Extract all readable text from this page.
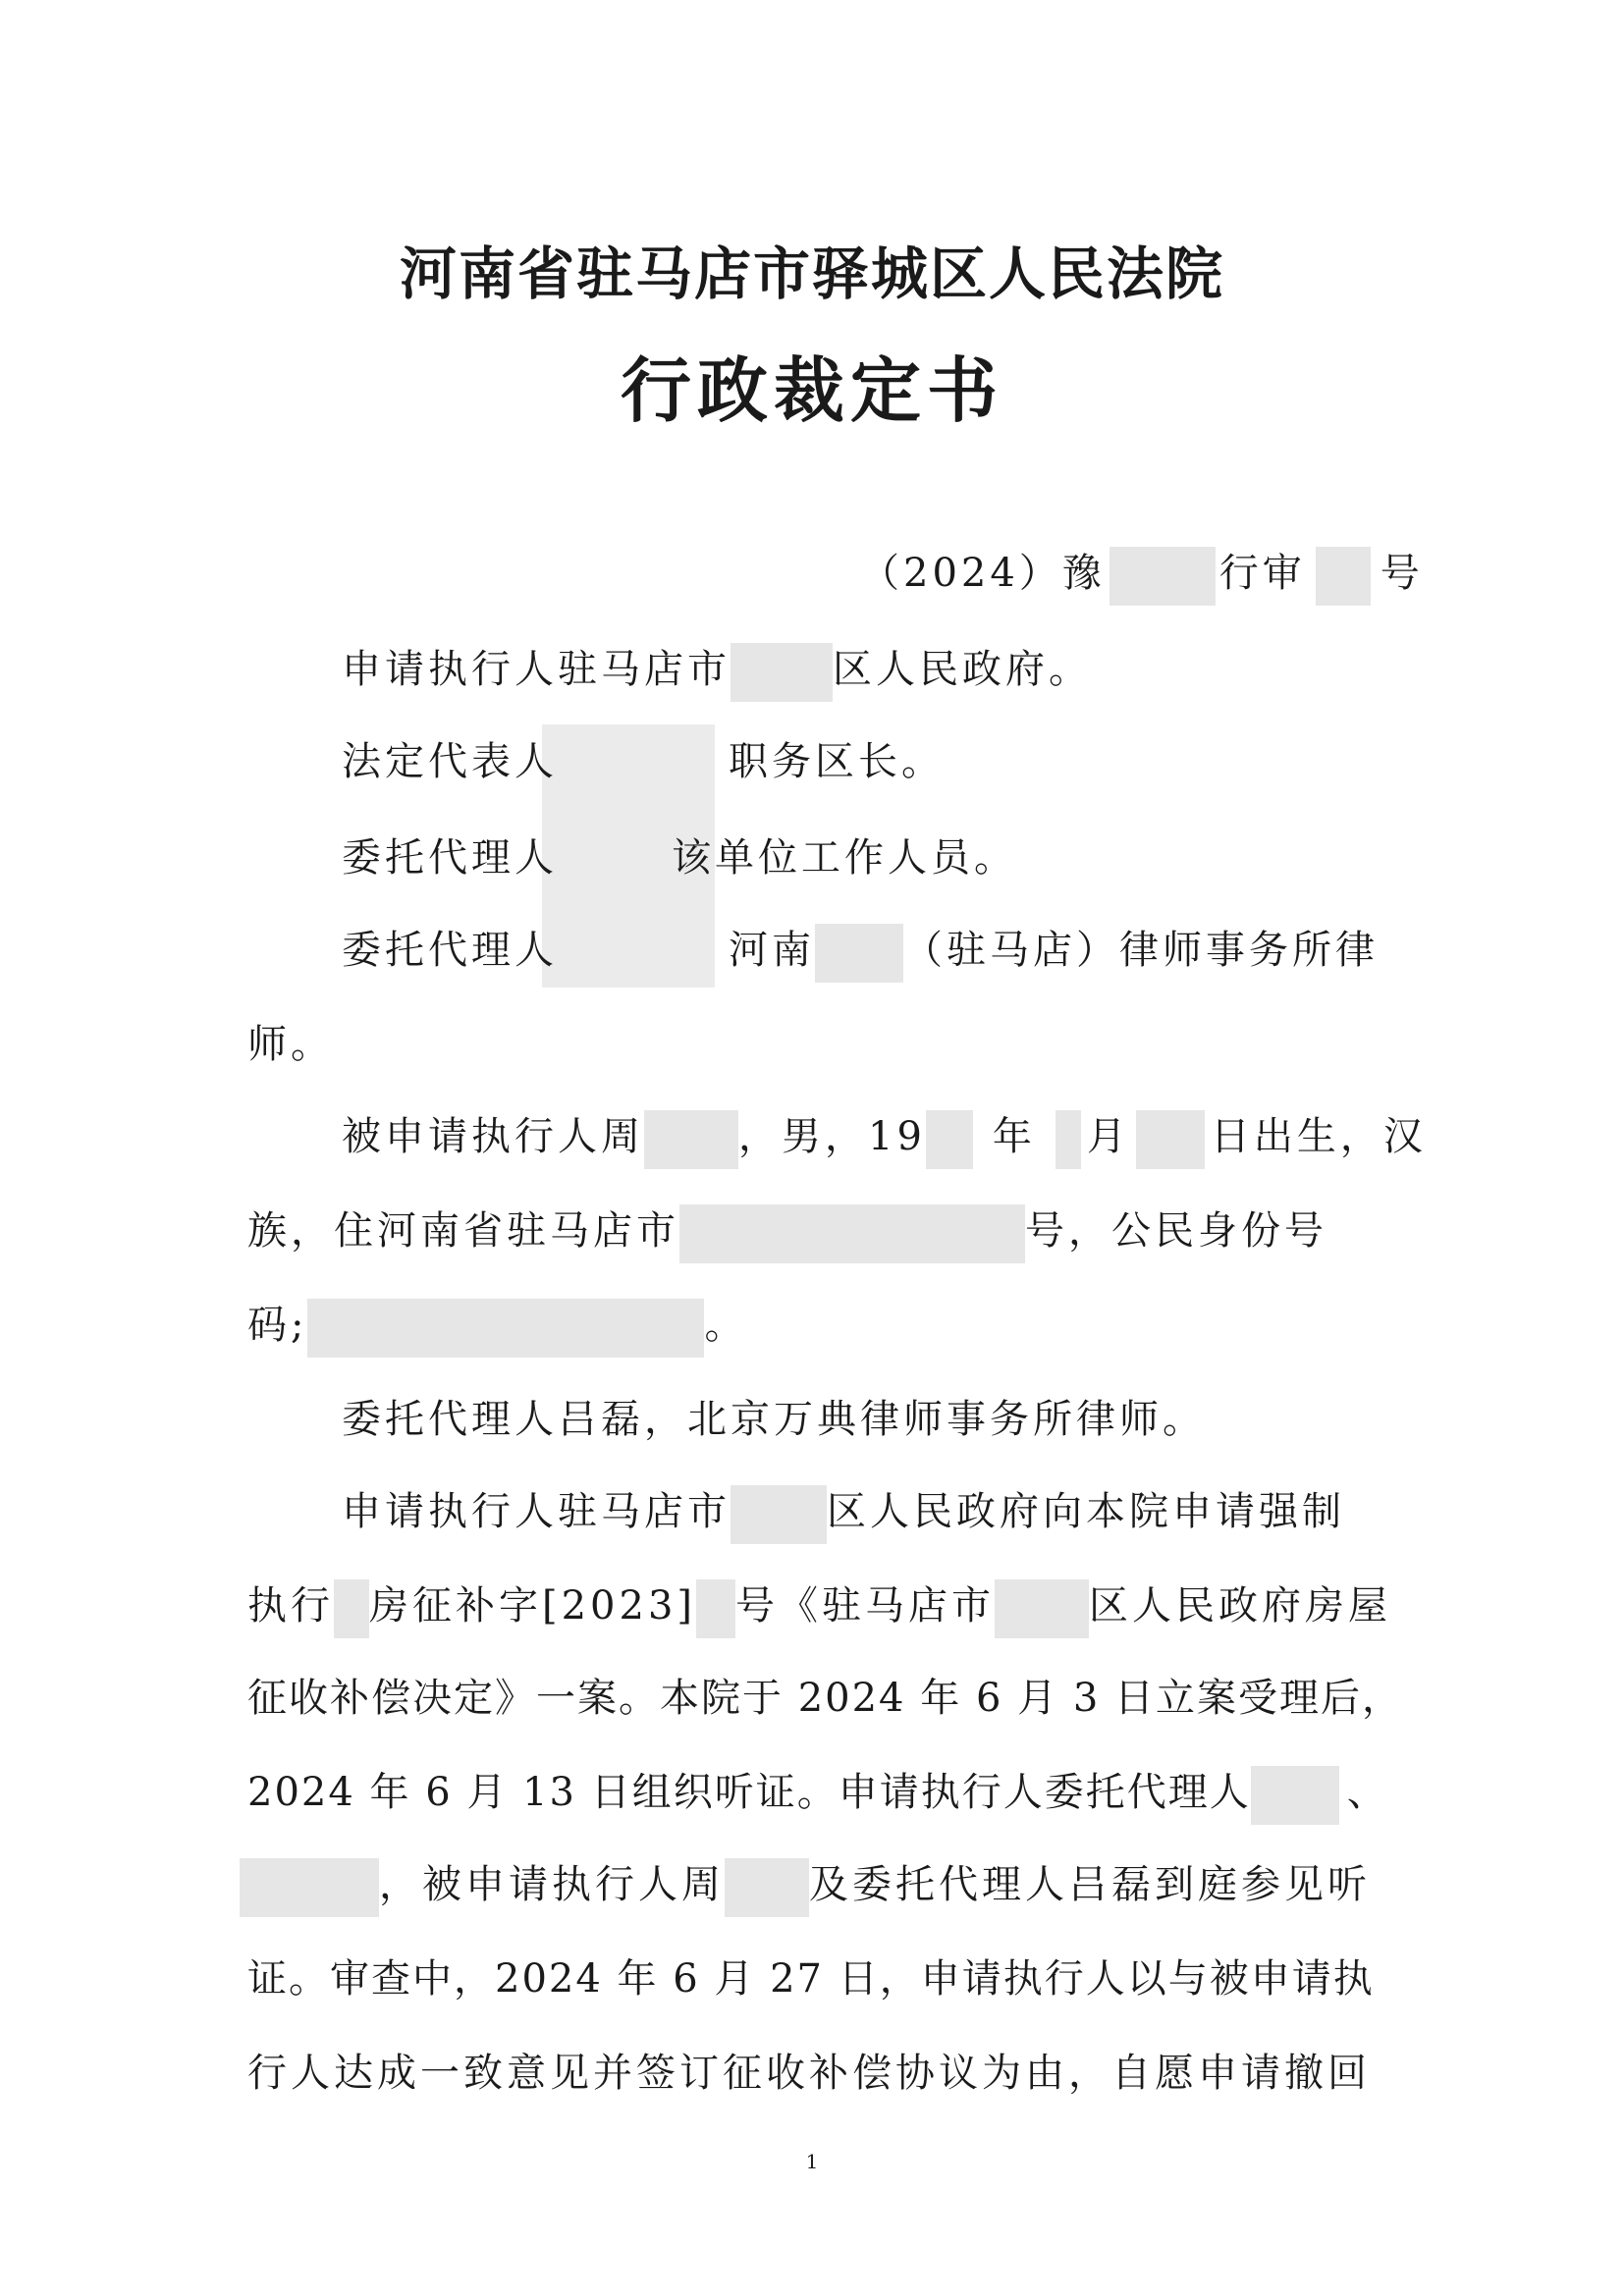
河南省驻马店市驿城区人民法院
行政裁定书
（2024）豫	行审 号
申请执行人驻马店市	区人民政府。
法定代表人	职务区长。
委托代理人	该单位工作人员。
委托代理人	河南 （驻马店）律师事务所律
师。
被申请执行人周 ，男，19 年 月 日出生，汉
族，住河南省驻马店市	号，公民身份号
码;	。
委托代理人吕磊，北京万典律师事务所律师。
申请执行人驻马店市 区人民政府向本院申请强制
执行 房征补字[2023] 号《驻马店市 区人民政府房屋
征收补偿决定》一案。本院于 2024 年 6 月 3 日立案受理后，
2024 年 6 月 13 日组织听证。申请执行人委托代理人 、
，被申请执行人周 及委托代理人吕磊到庭参见听
证。审查中，2024 年 6 月 27 日，申请执行人以与被申请执
行人达成一致意见并签订征收补偿协议为由，自愿申请撤回
1
